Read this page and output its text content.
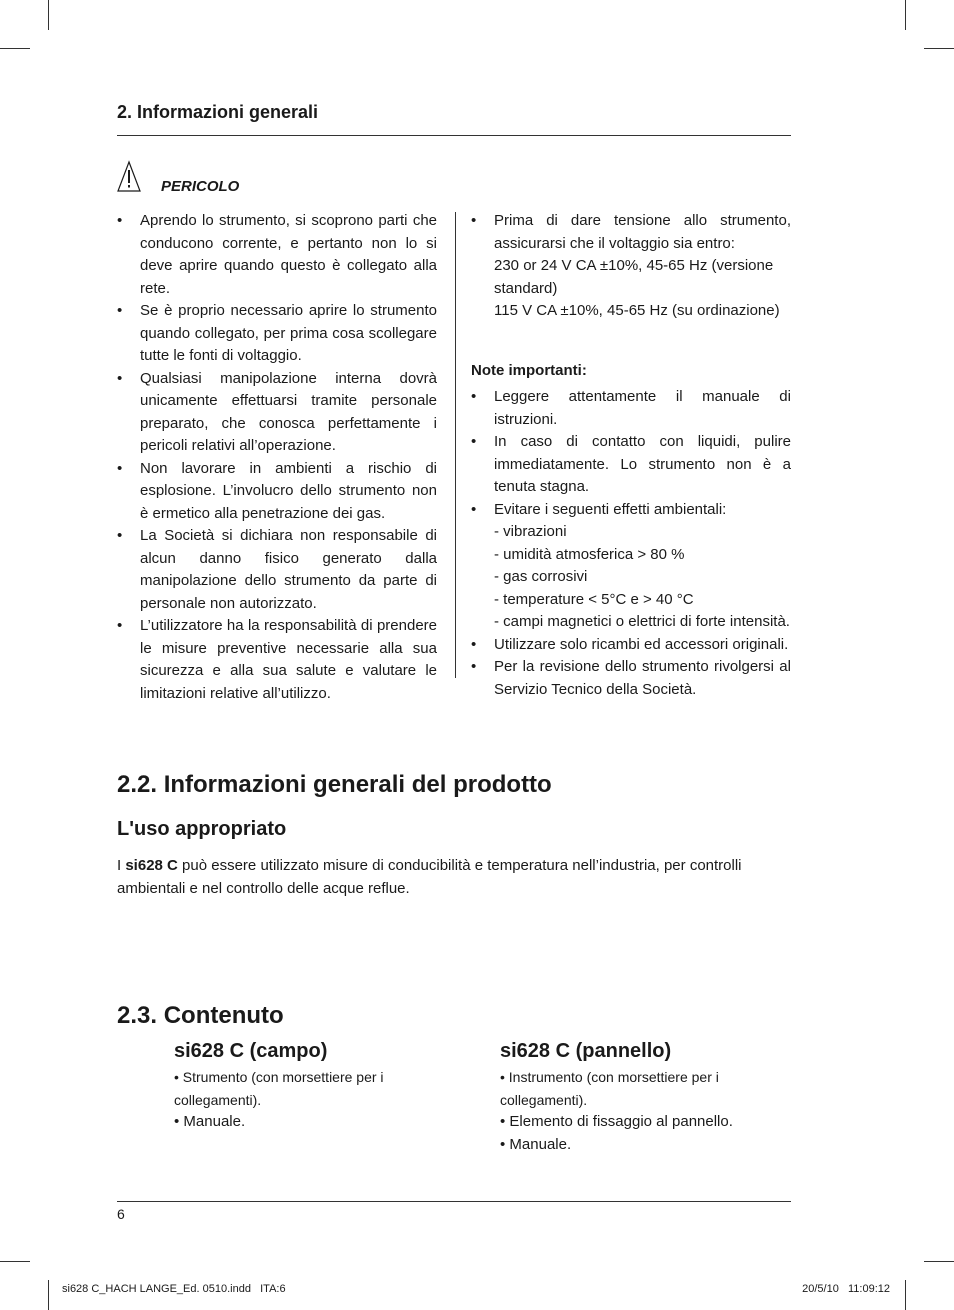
2. Informazioni generali
PERICOLO
• Aprendo lo strumento, si scoprono parti che conducono corrente, e pertanto non lo si deve aprire quando questo è collegato alla rete.
• Se è proprio necessario aprire lo strumento quando collegato, per prima cosa scollegare tutte le fonti di voltaggio.
• Qualsiasi manipolazione interna dovrà unicamente effettuarsi tramite personale preparato, che conosca perfettamente i pericoli relativi all’operazione.
• Non lavorare in ambienti a rischio di esplosione. L’involucro dello strumento non è ermetico alla penetrazione dei gas.
• La Società si dichiara non responsabile di alcun danno fisico generato dalla manipolazione dello strumento da parte di personale non autorizzato.
• L’utilizzatore ha la responsabilità di prendere le misure preventive necessarie alla sua sicurezza e alla sua salute e valutare le limitazioni relative all’utilizzo.

• Prima di dare tensione allo strumento, assicurarsi che il voltaggio sia entro:

230 or 24 V CA ±10%, 45-65 Hz (versione standard)

115 V CA ±10%, 45-65 Hz (su ordinazione)

Note importanti:
• Leggere attentamente il manuale di istruzioni.
• In caso di contatto con liquidi, pulire immediatamente. Lo strumento non è a tenuta stagna.

• Evitare i seguenti effetti ambientali:

- vibrazioni

- umidità atmosferica > 80 %

- gas corrosivi

- temperature < 5°C e > 40 °C

- campi magnetici o elettrici di forte intensità.

• Utilizzare solo ricambi ed accessori originali.
• Per la revisione dello strumento rivolgersi al Servizio Tecnico della Società.
2.2. Informazioni generali del prodotto
L'uso appropriato
I si628 C può essere utilizzato misure di conducibilità e temperatura nell’industria, per controlli ambientali e nel controllo delle acque reflue.
2.3. Contenuto
si628 C (campo)
• Strumento (con morsettiere per i collegamenti).
• Manuale.
si628 C (pannello)
• Instrumento (con morsettiere per i collegamenti).
• Elemento di fissaggio al pannello.
• Manuale.
6
si628 C_HACH LANGE_Ed. 0510.indd   ITA:6	20/5/10   11:09:12
